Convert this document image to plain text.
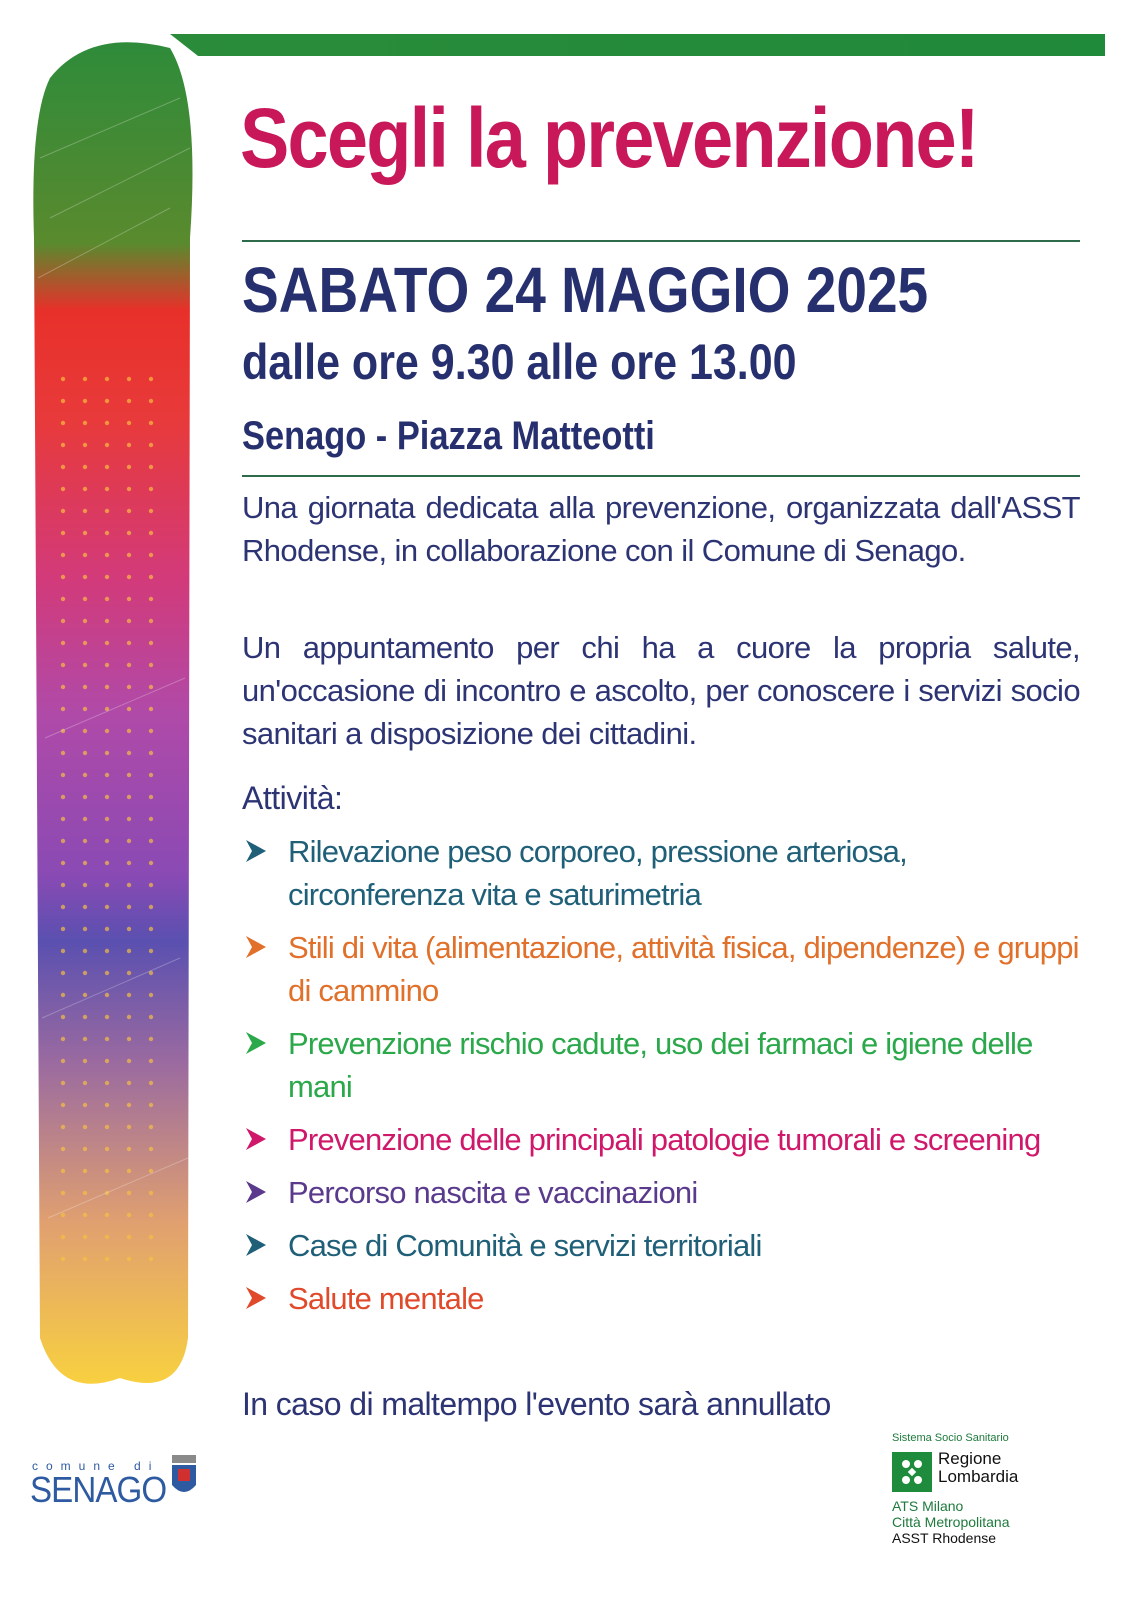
Scegli la prevenzione!
SABATO 24 MAGGIO 2025
dalle ore 9.30 alle ore 13.00
Senago - Piazza Matteotti

Una giornata dedicata alla prevenzione, organizzata dall'ASST Rhodense, in collaborazione con il Comune di Senago.

Un appuntamento per chi ha a cuore la propria salute, un'occasione di incontro e ascolto, per conoscere i servizi socio sanitari a disposizione dei cittadini.

Attività:

Rilevazione peso corporeo, pressione arteriosa, circonferenza vita e saturimetria
Stili di vita (alimentazione, attività fisica, dipendenze) e gruppi di cammino
Prevenzione rischio cadute, uso dei farmaci e igiene delle mani
Prevenzione delle principali patologie tumorali e screening
Percorso nascita e vaccinazioni
Case di Comunità e servizi territoriali
Salute mentale

In caso di maltempo l'evento sarà annullato

comune di
SENAGO
Sistema Socio Sanitario
Regione
Lombardia
ATS Milano
Città Metropolitana
ASST Rhodense
